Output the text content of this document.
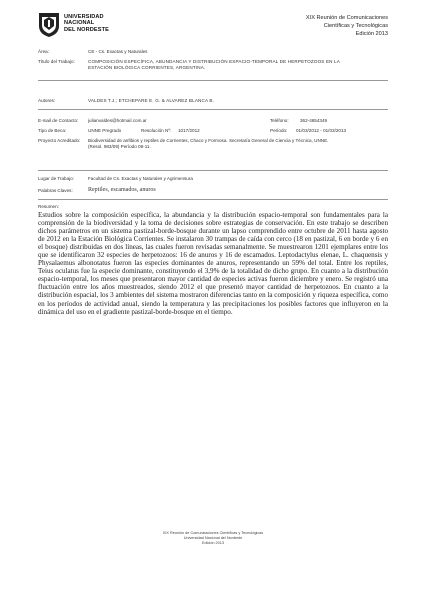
UNIVERSIDAD
NACIONAL
DEL NORDESTE
XIX Reunión de Comunicaciones
Científicas y Tecnológicas
Edición 2013
Área:	CE - Cs. Exactas y Naturales
Título del Trabajo:	COMPOSICIÓN ESPECÍFICA, ABUNDANCIA Y DISTRIBUCIÓN ESPACIO-TEMPORAL DE HERPETOZOOS EN LA ESTACIÓN BIOLÓGICA CORRIENTES, ARGENTINA.
Autores:	VALDES T.J.; ETCHEPARE E. G. & ALVAREZ BLANCA B.
E-mail de Contacto:	julianvaldes@hotmail.com.ar	Teléfono: 362-4654349
Tipo de Beca:	UNNE Pregrado	Resolución Nº: 1017/2012	Período: 01/03/2012 - 01/03/2013
Proyecto Acreditado:	Biodiversidad de anfibios y reptiles de Corrientes, Chaco y Formosa. Secretaría General de Ciencia y Técnica, UNNE. (Resol. 983/09) Período 08-11.
Lugar de Trabajo:	Facultad de Cs. Exactas y Naturales y Agrimensura
Palabras Claves:	Reptiles, escamados, anuros
Resumen:
Estudios sobre la composición específica, la abundancia y la distribución espacio-temporal son fundamentales para la comprensión de la biodiversidad y la toma de decisiones sobre estrategias de conservación. En este trabajo se describen dichos parámetros en un sistema pastizal-borde-bosque durante un lapso comprendido entre octubre de 2011 hasta agosto de 2012 en la Estación Biológica Corrientes. Se instalaron 30 trampas de caída con cerco (18 en pastizal, 6 en borde y 6 en el bosque) distribuidas en dos líneas, las cuales fueron revisadas semanalmente. Se muestrearon 1201 ejemplares entre los que se identificaron 32 especies de herpetozoos: 16 de anuros y 16 de escamados. Leptodactylus elenae, L. chaquensis y Physalaemus albonotatus fueron las especies dominantes de anuros, representando un 59% del total. Entre los reptiles, Teius oculatus fue la especie dominante, constituyendo el 3,9% de la totalidad de dicho grupo. En cuanto a la distribución espacio-temporal, los meses que presentaron mayor cantidad de especies activas fueron diciembre y enero. Se registró una fluctuación entre los años muestreados, siendo 2012 el que presentó mayor cantidad de herpetozoos. En cuanto a la distribución espacial, los 3 ambientes del sistema mostraron diferencias tanto en la composición y riqueza específica, como en los períodos de actividad anual, siendo la temperatura y las precipitaciones los posibles factores que influyeron en la dinámica del uso en el gradiente pastizal-borde-bosque en el tiempo.
XIX Reunión de Comunicaciones Científicas y Tecnológicas
Universidad Nacional del Nordeste
Edición 2013
